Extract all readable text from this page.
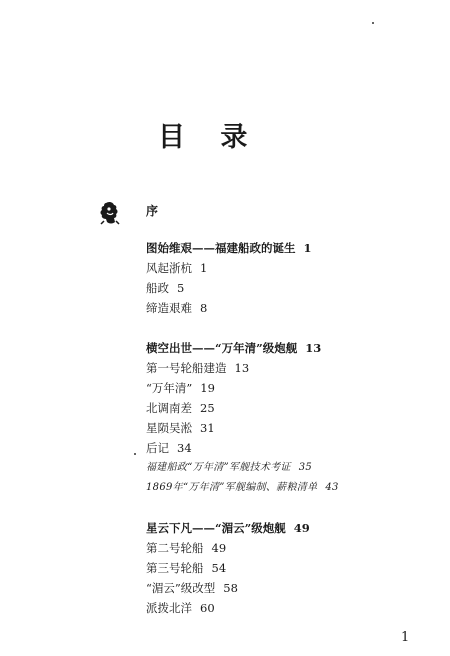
目 录

序

图始维艰——福建船政的诞生 1

风起浙杭 1

船政 5

缔造艰难 8

横空出世——“万年清”级炮舰 13

第一号轮船建造 13

“万年清” 19

北调南差 25

星陨吴淞 31

后记 34

福建船政“万年清”军舰技术考证 35

1869年“万年清”军舰编制、薪粮清单 43

星云下凡——“湄云”级炮舰 49

第二号轮船 49

第三号轮船 54

“湄云”级改型 58

派拨北洋 60

1
